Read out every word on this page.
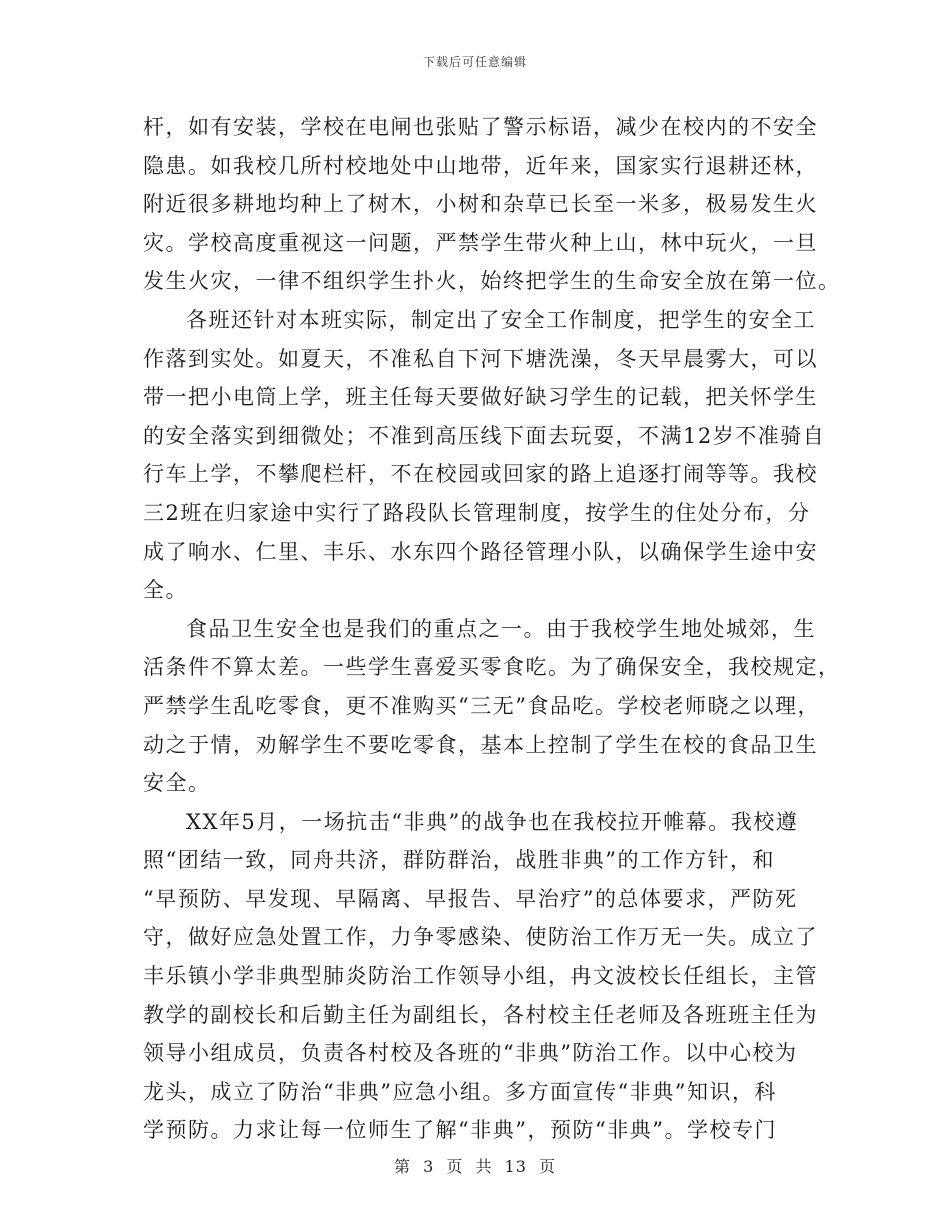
下载后可任意编辑
杆，如有安装，学校在电闸也张贴了警示标语，减少在校内的不安全
隐患。如我校几所村校地处中山地带，近年来，国家实行退耕还林，
附近很多耕地均种上了树木，小树和杂草已长至一米多，极易发生火
灾。学校高度重视这一问题，严禁学生带火种上山，林中玩火，一旦
发生火灾，一律不组织学生扑火，始终把学生的生命安全放在第一位。
各班还针对本班实际，制定出了安全工作制度，把学生的安全工
作落到实处。如夏天，不准私自下河下塘洗澡，冬天早晨雾大，可以
带一把小电筒上学，班主任每天要做好缺习学生的记载，把关怀学生
的安全落实到细微处；不准到高压线下面去玩耍，不满12岁不准骑自
行车上学，不攀爬栏杆，不在校园或回家的路上追逐打闹等等。我校
三2班在归家途中实行了路段队长管理制度，按学生的住处分布，分
成了响水、仁里、丰乐、水东四个路径管理小队，以确保学生途中安
全。
食品卫生安全也是我们的重点之一。由于我校学生地处城郊，生
活条件不算太差。一些学生喜爱买零食吃。为了确保安全，我校规定，
严禁学生乱吃零食，更不准购买“三无”食品吃。学校老师晓之以理，
动之于情，劝解学生不要吃零食，基本上控制了学生在校的食品卫生
安全。
XX年5月，一场抗击“非典”的战争也在我校拉开帷幕。我校遵
照“团结一致，同舟共济，群防群治，战胜非典”的工作方针，和
“早预防、早发现、早隔离、早报告、早治疗”的总体要求，严防死
守，做好应急处置工作，力争零感染、使防治工作万无一失。成立了
丰乐镇小学非典型肺炎防治工作领导小组，冉文波校长任组长，主管
教学的副校长和后勤主任为副组长，各村校主任老师及各班班主任为
领导小组成员，负责各村校及各班的“非典”防治工作。以中心校为
龙头，成立了防治“非典”应急小组。多方面宣传“非典”知识，科
学预防。力求让每一位师生了解“非典”，预防“非典”。学校专门
第 3 页 共 13 页
